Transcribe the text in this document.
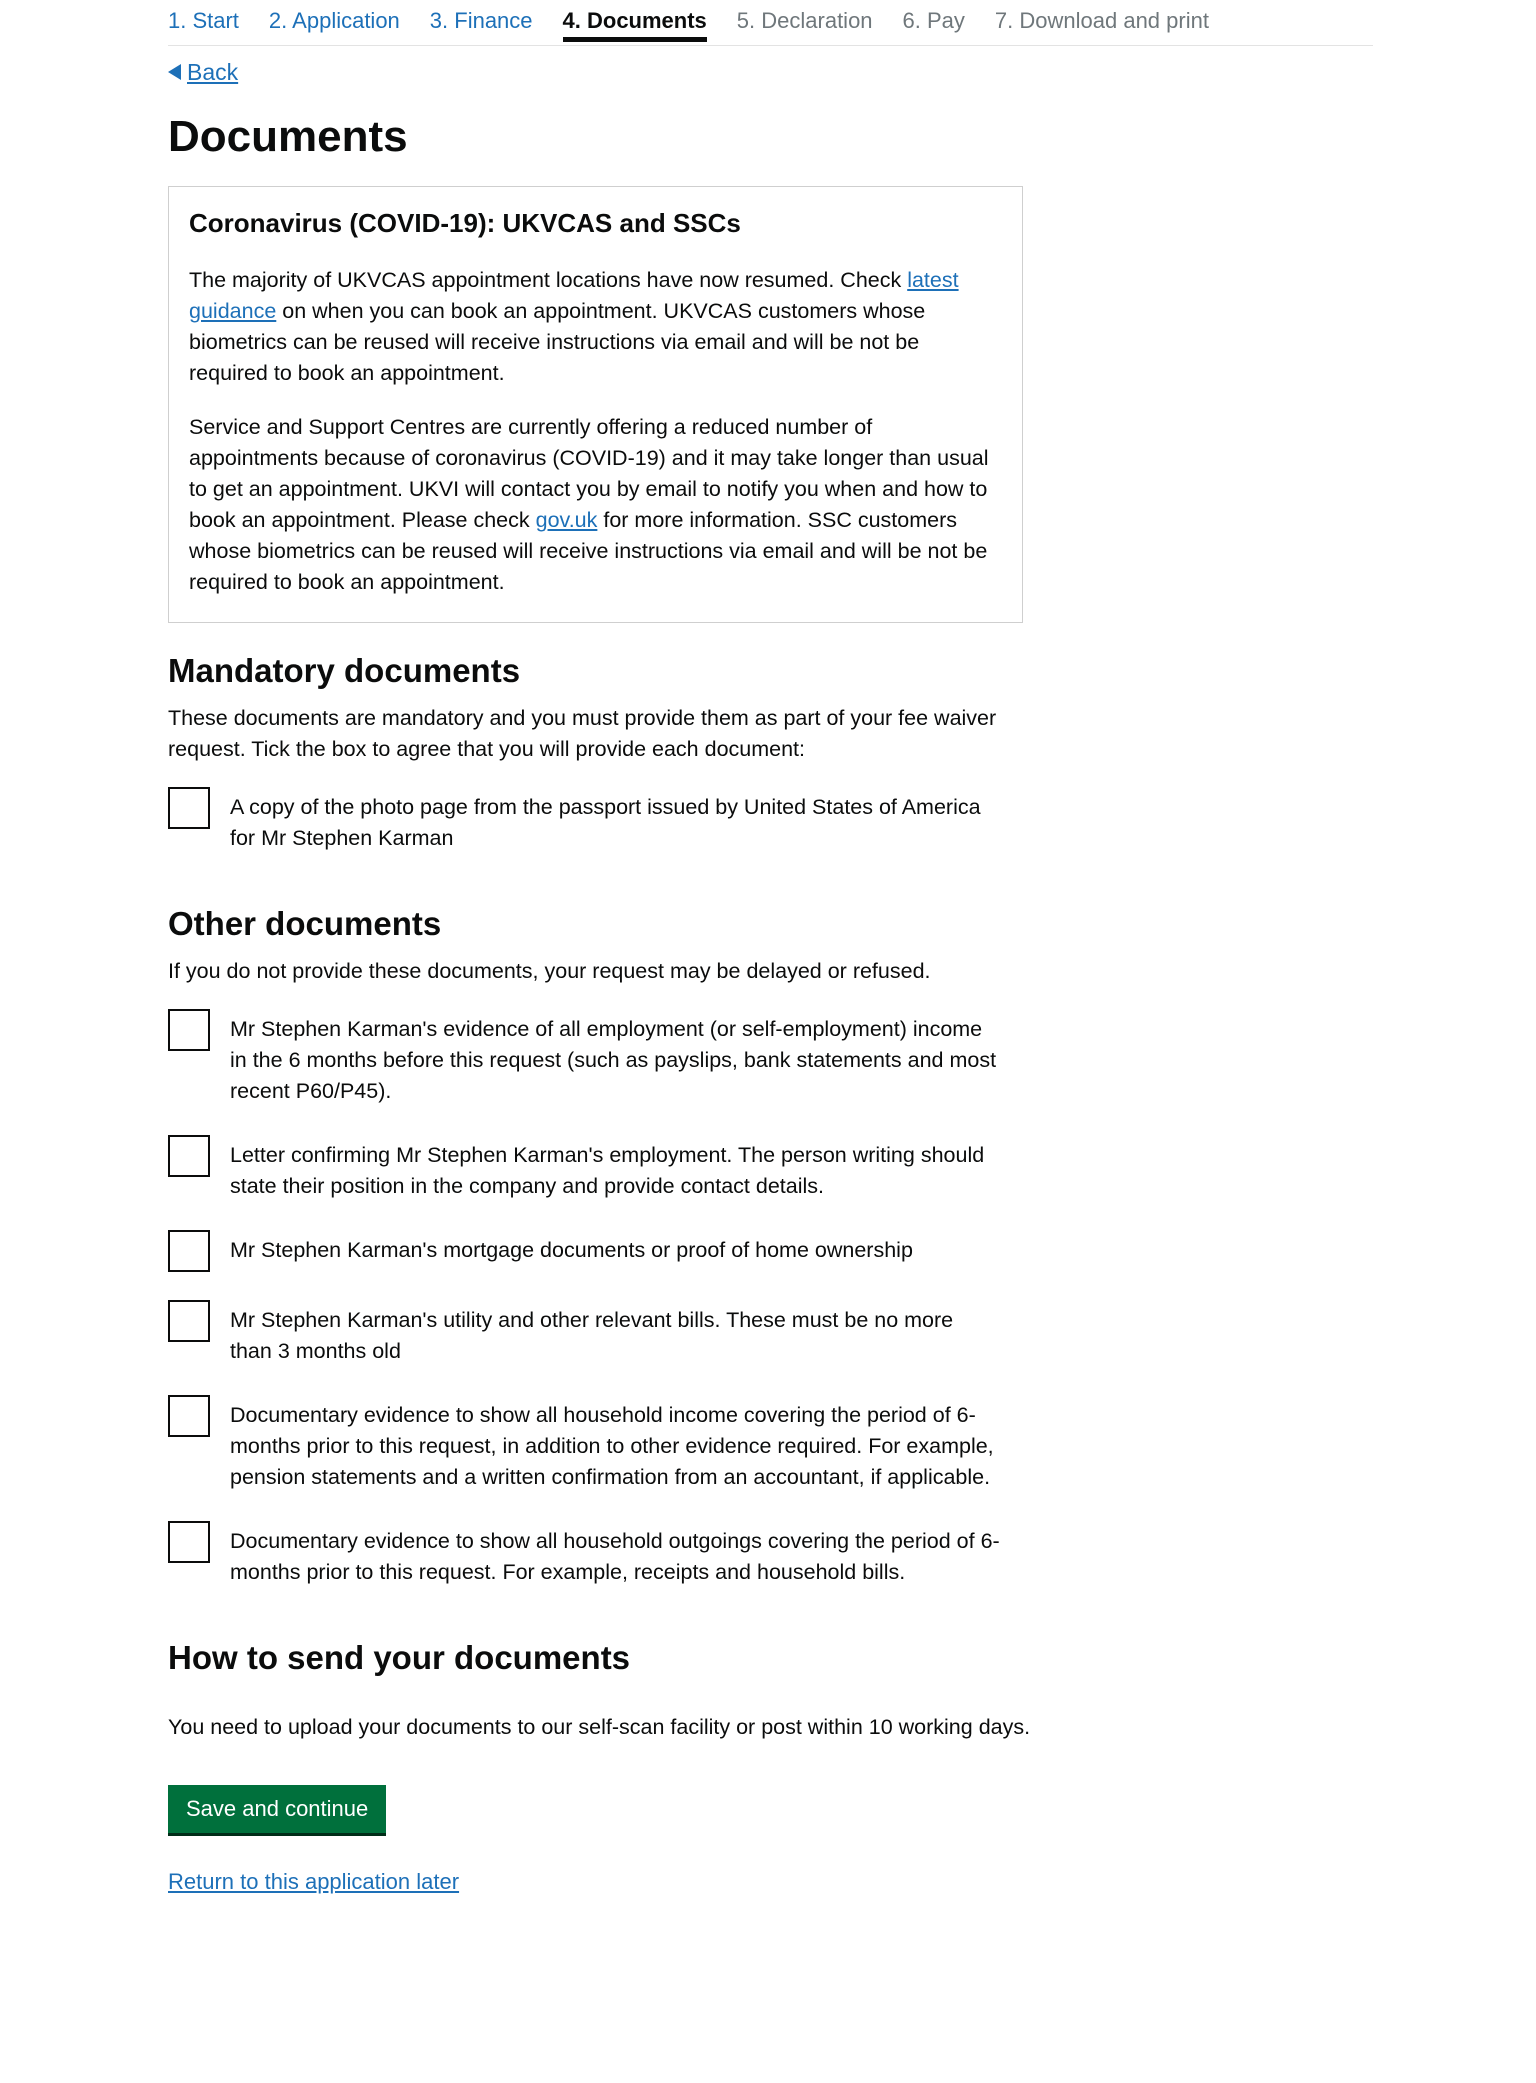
1. Start 2. Application 3. Finance 4. Documents 5. Declaration 6. Pay 7. Download and print
Back
Documents
Coronavirus (COVID-19): UKVCAS and SSCs

The majority of UKVCAS appointment locations have now resumed. Check latest guidance on when you can book an appointment. UKVCAS customers whose biometrics can be reused will receive instructions via email and will be not be required to book an appointment.

Service and Support Centres are currently offering a reduced number of appointments because of coronavirus (COVID-19) and it may take longer than usual to get an appointment. UKVI will contact you by email to notify you when and how to book an appointment. Please check gov.uk for more information. SSC customers whose biometrics can be reused will receive instructions via email and will be not be required to book an appointment.

Mandatory documents

These documents are mandatory and you must provide them as part of your fee waiver request. Tick the box to agree that you will provide each document:

A copy of the photo page from the passport issued by United States of America for Mr Stephen Karman
Other documents

If you do not provide these documents, your request may be delayed or refused.

Mr Stephen Karman's evidence of all employment (or self-employment) income in the 6 months before this request (such as payslips, bank statements and most recent P60/P45).
Letter confirming Mr Stephen Karman's employment. The person writing should state their position in the company and provide contact details.
Mr Stephen Karman's mortgage documents or proof of home ownership
Mr Stephen Karman's utility and other relevant bills. These must be no more than 3 months old
Documentary evidence to show all household income covering the period of 6-months prior to this request, in addition to other evidence required. For example, pension statements and a written confirmation from an accountant, if applicable.
Documentary evidence to show all household outgoings covering the period of 6-months prior to this request. For example, receipts and household bills.
How to send your documents

You need to upload your documents to our self-scan facility or post within 10 working days.

Save and continue
Return to this application later
